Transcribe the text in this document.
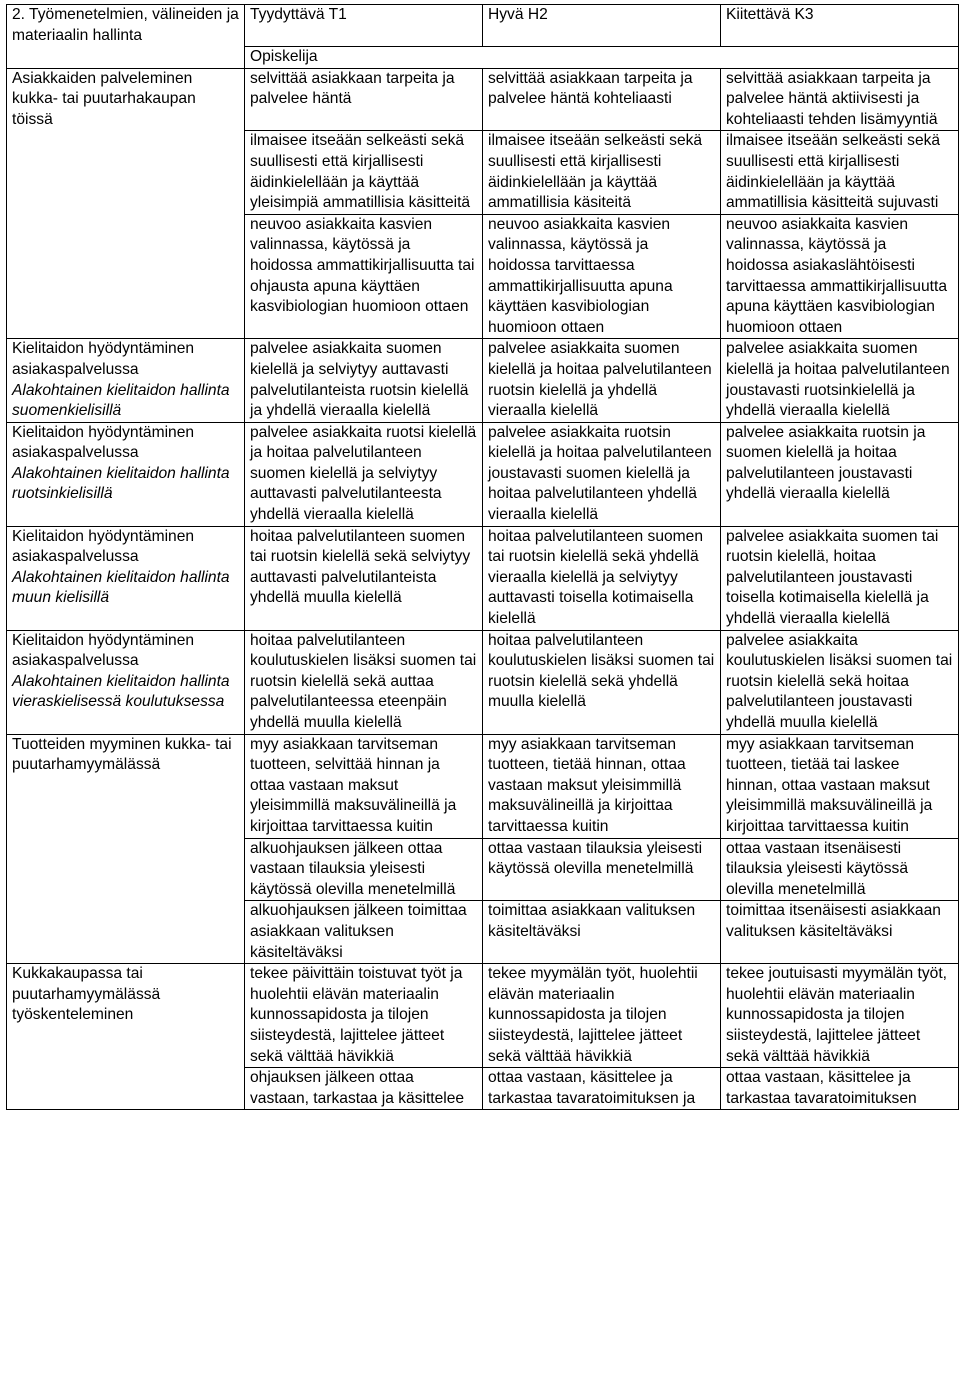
2. Työmenetelmien, välineiden ja materiaalin hallinta	Tyydyttävä T1	Hyvä H2	Kiitettävä K3
	Opiskelija		

Asiakkaiden palveleminen kukka- tai puutarhakaupan töissä	selvittää asiakkaan tarpeita ja palvelee häntä	selvittää asiakkaan tarpeita ja palvelee häntä kohteliaasti	selvittää asiakkaan tarpeita ja palvelee häntä aktiivisesti ja kohteliaasti tehden lisämyyntiä
	ilmaisee itseään selkeästi sekä suullisesti että kirjallisesti äidinkielellään ja käyttää yleisimpiä ammatillisia käsitteitä	ilmaisee itseään selkeästi sekä suullisesti että kirjallisesti äidinkielellään ja käyttää ammatillisia käsiteitä	ilmaisee itseään selkeästi sekä suullisesti että kirjallisesti äidinkielellään ja käyttää ammatillisia käsitteitä sujuvasti
	neuvoo asiakkaita kasvien valinnassa, käytössä ja hoidossa ammattikirjallisuutta tai ohjausta apuna käyttäen kasvibiologian huomioon ottaen	neuvoo asiakkaita kasvien valinnassa, käytössä ja hoidossa tarvittaessa ammattikirjallisuutta apuna käyttäen kasvibiologian huomioon ottaen	neuvoo asiakkaita kasvien valinnassa, käytössä ja hoidossa asiakaslähtöisesti tarvittaessa ammattikirjallisuutta apuna käyttäen kasvibiologian huomioon ottaen

Kielitaidon hyödyntäminen asiakaspalvelussa
Alakohtainen kielitaidon hallinta suomenkielisillä	palvelee asiakkaita suomen kielellä ja selviytyy auttavasti palvelutilanteista ruotsin kielellä ja yhdellä vieraalla kielellä	palvelee asiakkaita suomen kielellä ja hoitaa palvelutilanteen ruotsin kielellä ja yhdellä vieraalla kielellä	palvelee asiakkaita suomen kielellä ja hoitaa palvelutilanteen joustavasti ruotsinkielellä ja yhdellä vieraalla kielellä

Kielitaidon hyödyntäminen asiakaspalvelussa
Alakohtainen kielitaidon hallinta ruotsinkielisillä	palvelee asiakkaita ruotsi kielellä ja hoitaa palvelutilanteen suomen kielellä ja selviytyy auttavasti palvelutilanteesta yhdellä vieraalla kielellä	palvelee asiakkaita ruotsin kielellä ja hoitaa palvelutilanteen joustavasti suomen kielellä ja hoitaa palvelutilanteen yhdellä vieraalla kielellä	palvelee asiakkaita ruotsin ja suomen kielellä ja hoitaa palvelutilanteen joustavasti yhdellä vieraalla kielellä

Kielitaidon hyödyntäminen asiakaspalvelussa
Alakohtainen kielitaidon hallinta muun kielisillä	hoitaa palvelutilanteen suomen tai ruotsin kielellä sekä selviytyy auttavasti palvelutilanteista yhdellä muulla kielellä	hoitaa palvelutilanteen suomen tai ruotsin kielellä sekä yhdellä vieraalla kielellä ja selviytyy auttavasti toisella kotimaisella kielellä	palvelee asiakkaita suomen tai ruotsin kielellä, hoitaa palvelutilanteen joustavasti toisella kotimaisella kielellä ja yhdellä vieraalla kielellä

Kielitaidon hyödyntäminen asiakaspalvelussa
Alakohtainen kielitaidon hallinta vieraskielisessä koulutuksessa	hoitaa palvelutilanteen koulutuskielen lisäksi suomen tai ruotsin kielellä sekä auttaa palvelutilanteessa eteenpäin yhdellä muulla kielellä	hoitaa palvelutilanteen koulutuskielen lisäksi suomen tai ruotsin kielellä sekä yhdellä muulla kielellä	palvelee asiakkaita koulutuskielen lisäksi suomen tai ruotsin kielellä sekä hoitaa palvelutilanteen joustavasti yhdellä muulla kielellä

Tuotteiden myyminen kukka- tai puutarhamyymälässä	myy asiakkaan tarvitseman tuotteen, selvittää hinnan ja ottaa vastaan maksut yleisimmillä maksuvälineillä ja kirjoittaa tarvittaessa kuitin	myy asiakkaan tarvitseman tuotteen, tietää hinnan, ottaa vastaan maksut yleisimmillä maksuvälineillä ja kirjoittaa tarvittaessa kuitin	myy asiakkaan tarvitseman tuotteen, tietää tai laskee hinnan, ottaa vastaan maksut yleisimmillä maksuvälineillä ja kirjoittaa tarvittaessa kuitin
	alkuohjauksen jälkeen ottaa vastaan tilauksia yleisesti käytössä olevilla menetelmillä	ottaa vastaan tilauksia yleisesti käytössä olevilla menetelmillä	ottaa vastaan itsenäisesti tilauksia yleisesti käytössä olevilla menetelmillä
	alkuohjauksen jälkeen toimittaa asiakkaan valituksen käsiteltäväksi	toimittaa asiakkaan valituksen käsiteltäväksi	toimittaa itsenäisesti asiakkaan valituksen käsiteltäväksi

Kukkakaupassa tai puutarhamyymälässä työskenteleminen	tekee päivittäin toistuvat työt ja huolehtii elävän materiaalin kunnossapidosta ja tilojen siisteydestä, lajittelee jätteet sekä välttää hävikkiä	tekee myymälän työt, huolehtii elävän materiaalin kunnossapidosta ja tilojen siisteydestä, lajittelee jätteet sekä välttää hävikkiä	tekee joutuisasti myymälän työt, huolehtii elävän materiaalin kunnossapidosta ja tilojen siisteydestä, lajittelee jätteet sekä välttää hävikkiä
	ohjauksen jälkeen ottaa vastaan, tarkastaa ja käsittelee	ottaa vastaan, käsittelee ja tarkastaa tavaratoimituksen ja	ottaa vastaan, käsittelee ja tarkastaa tavaratoimituksen
